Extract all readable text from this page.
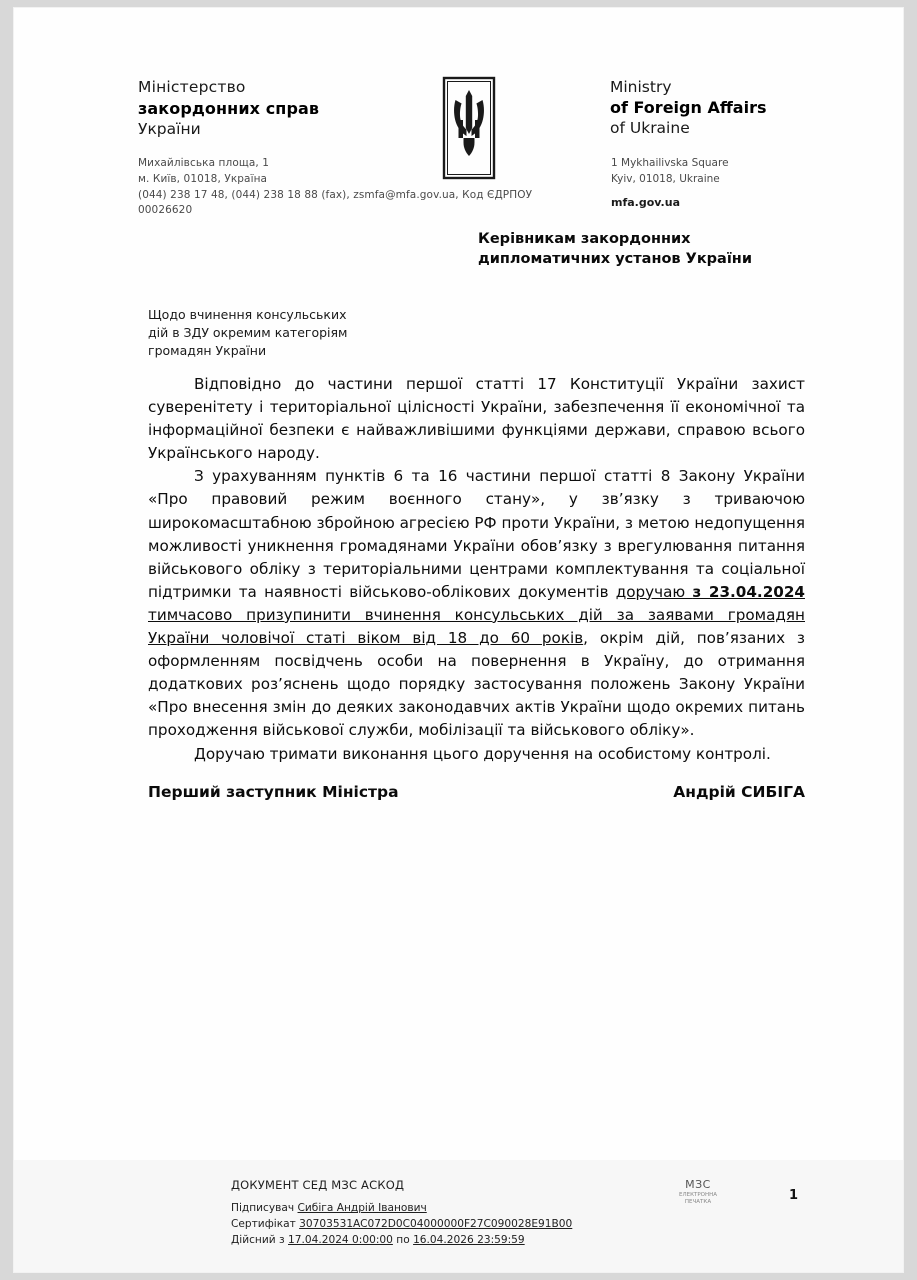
Міністерство
закордонних справ
України
Михайлівська площа, 1
м. Київ, 01018, Україна
(044) 238 17 48, (044) 238 18 88 (fax), zsmfa@mfa.gov.ua, Код ЄДРПОУ 00026620
Ministry
of Foreign Affairs
of Ukraine
1 Mykhailivska Square
Kyiv, 01018, Ukraine
mfa.gov.ua
Керівникам закордонних
дипломатичних установ України
Щодо вчинення консульських
дій в ЗДУ окремим категоріям
громадян України

Відповідно до частини першої статті 17 Конституції України захист суверенітету і територіальної цілісності України, забезпечення її економічної та інформаційної безпеки є найважливішими функціями держави, справою всього Українського народу.

З урахуванням пунктів 6 та 16 частини першої статті 8 Закону України «Про правовий режим воєнного стану», у зв’язку з триваючою широкомасштабною збройною агресією РФ проти України, з метою недопущення можливості уникнення громадянами України обов’язку з врегулювання питання військового обліку з територіальними центрами комплектування та соціальної підтримки та наявності військово-облікових документів доручаю з 23.04.2024 тимчасово призупинити вчинення консульських дій за заявами громадян України чоловічої статі віком від 18 до 60 років, окрім дій, пов’язаних з оформленням посвідчень особи на повернення в Україну, до отримання додаткових роз’яснень щодо порядку застосування положень Закону України «Про внесення змін до деяких законодавчих актів України щодо окремих питань проходження військової служби, мобілізації та військового обліку».

Доручаю тримати виконання цього доручення на особистому контролі.

Перший заступник Міністра	Андрій СИБІГА
ДОКУМЕНТ СЕД МЗС АСКОД
Підписувач Сибіга Андрій Іванович
Сертифікат 30703531AC072D0C04000000F27C090028E91B00
Дійсний з 17.04.2024 0:00:00 по 16.04.2026 23:59:59
МЗС
ЕЛЕКТРОННА ПЕЧАТКА	1
